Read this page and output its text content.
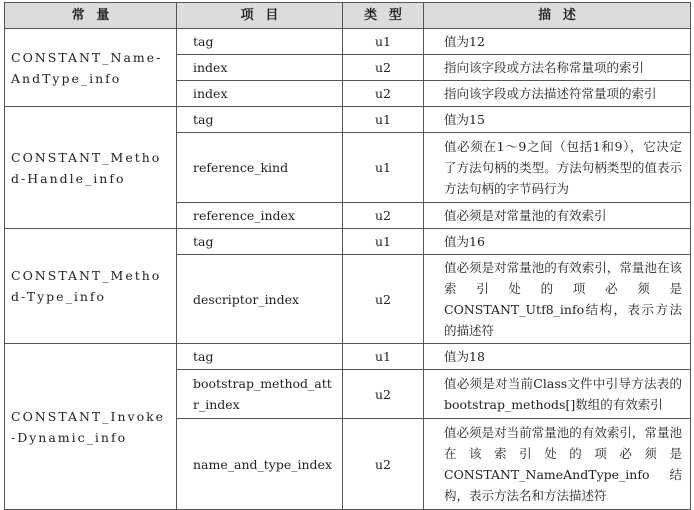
常量	项目	类型	描述
CONSTANT_Name-AndType_info	tag	u1	值为12
	index	u2	指向该字段或方法名称常量项的索引
	index	u2	指向该字段或方法描述符常量项的索引
CONSTANT_Method-Handle_info	tag	u1	值为15
	reference_kind	u1	值必须在1～9之间（包括1和9），它决定了方法句柄的类型。方法句柄类型的值表示方法句柄的字节码行为
	reference_index	u2	值必须是对常量池的有效索引
CONSTANT_Method-Type_info	tag	u1	值为16
	descriptor_index	u2	值必须是对常量池的有效索引，常量池在该索引处的项必须是CONSTANT_Utf8_info结构，表示方法的描述符
CONSTANT_Invoke-Dynamic_info	tag	u1	值为18
	bootstrap_method_attr_index	u2	值必须是对当前Class文件中引导方法表的bootstrap_methods[]数组的有效索引
	name_and_type_index	u2	值必须是对当前常量池的有效索引，常量池在该索引处的项必须是CONSTANT_NameAndType_info结构，表示方法名和方法描述符
